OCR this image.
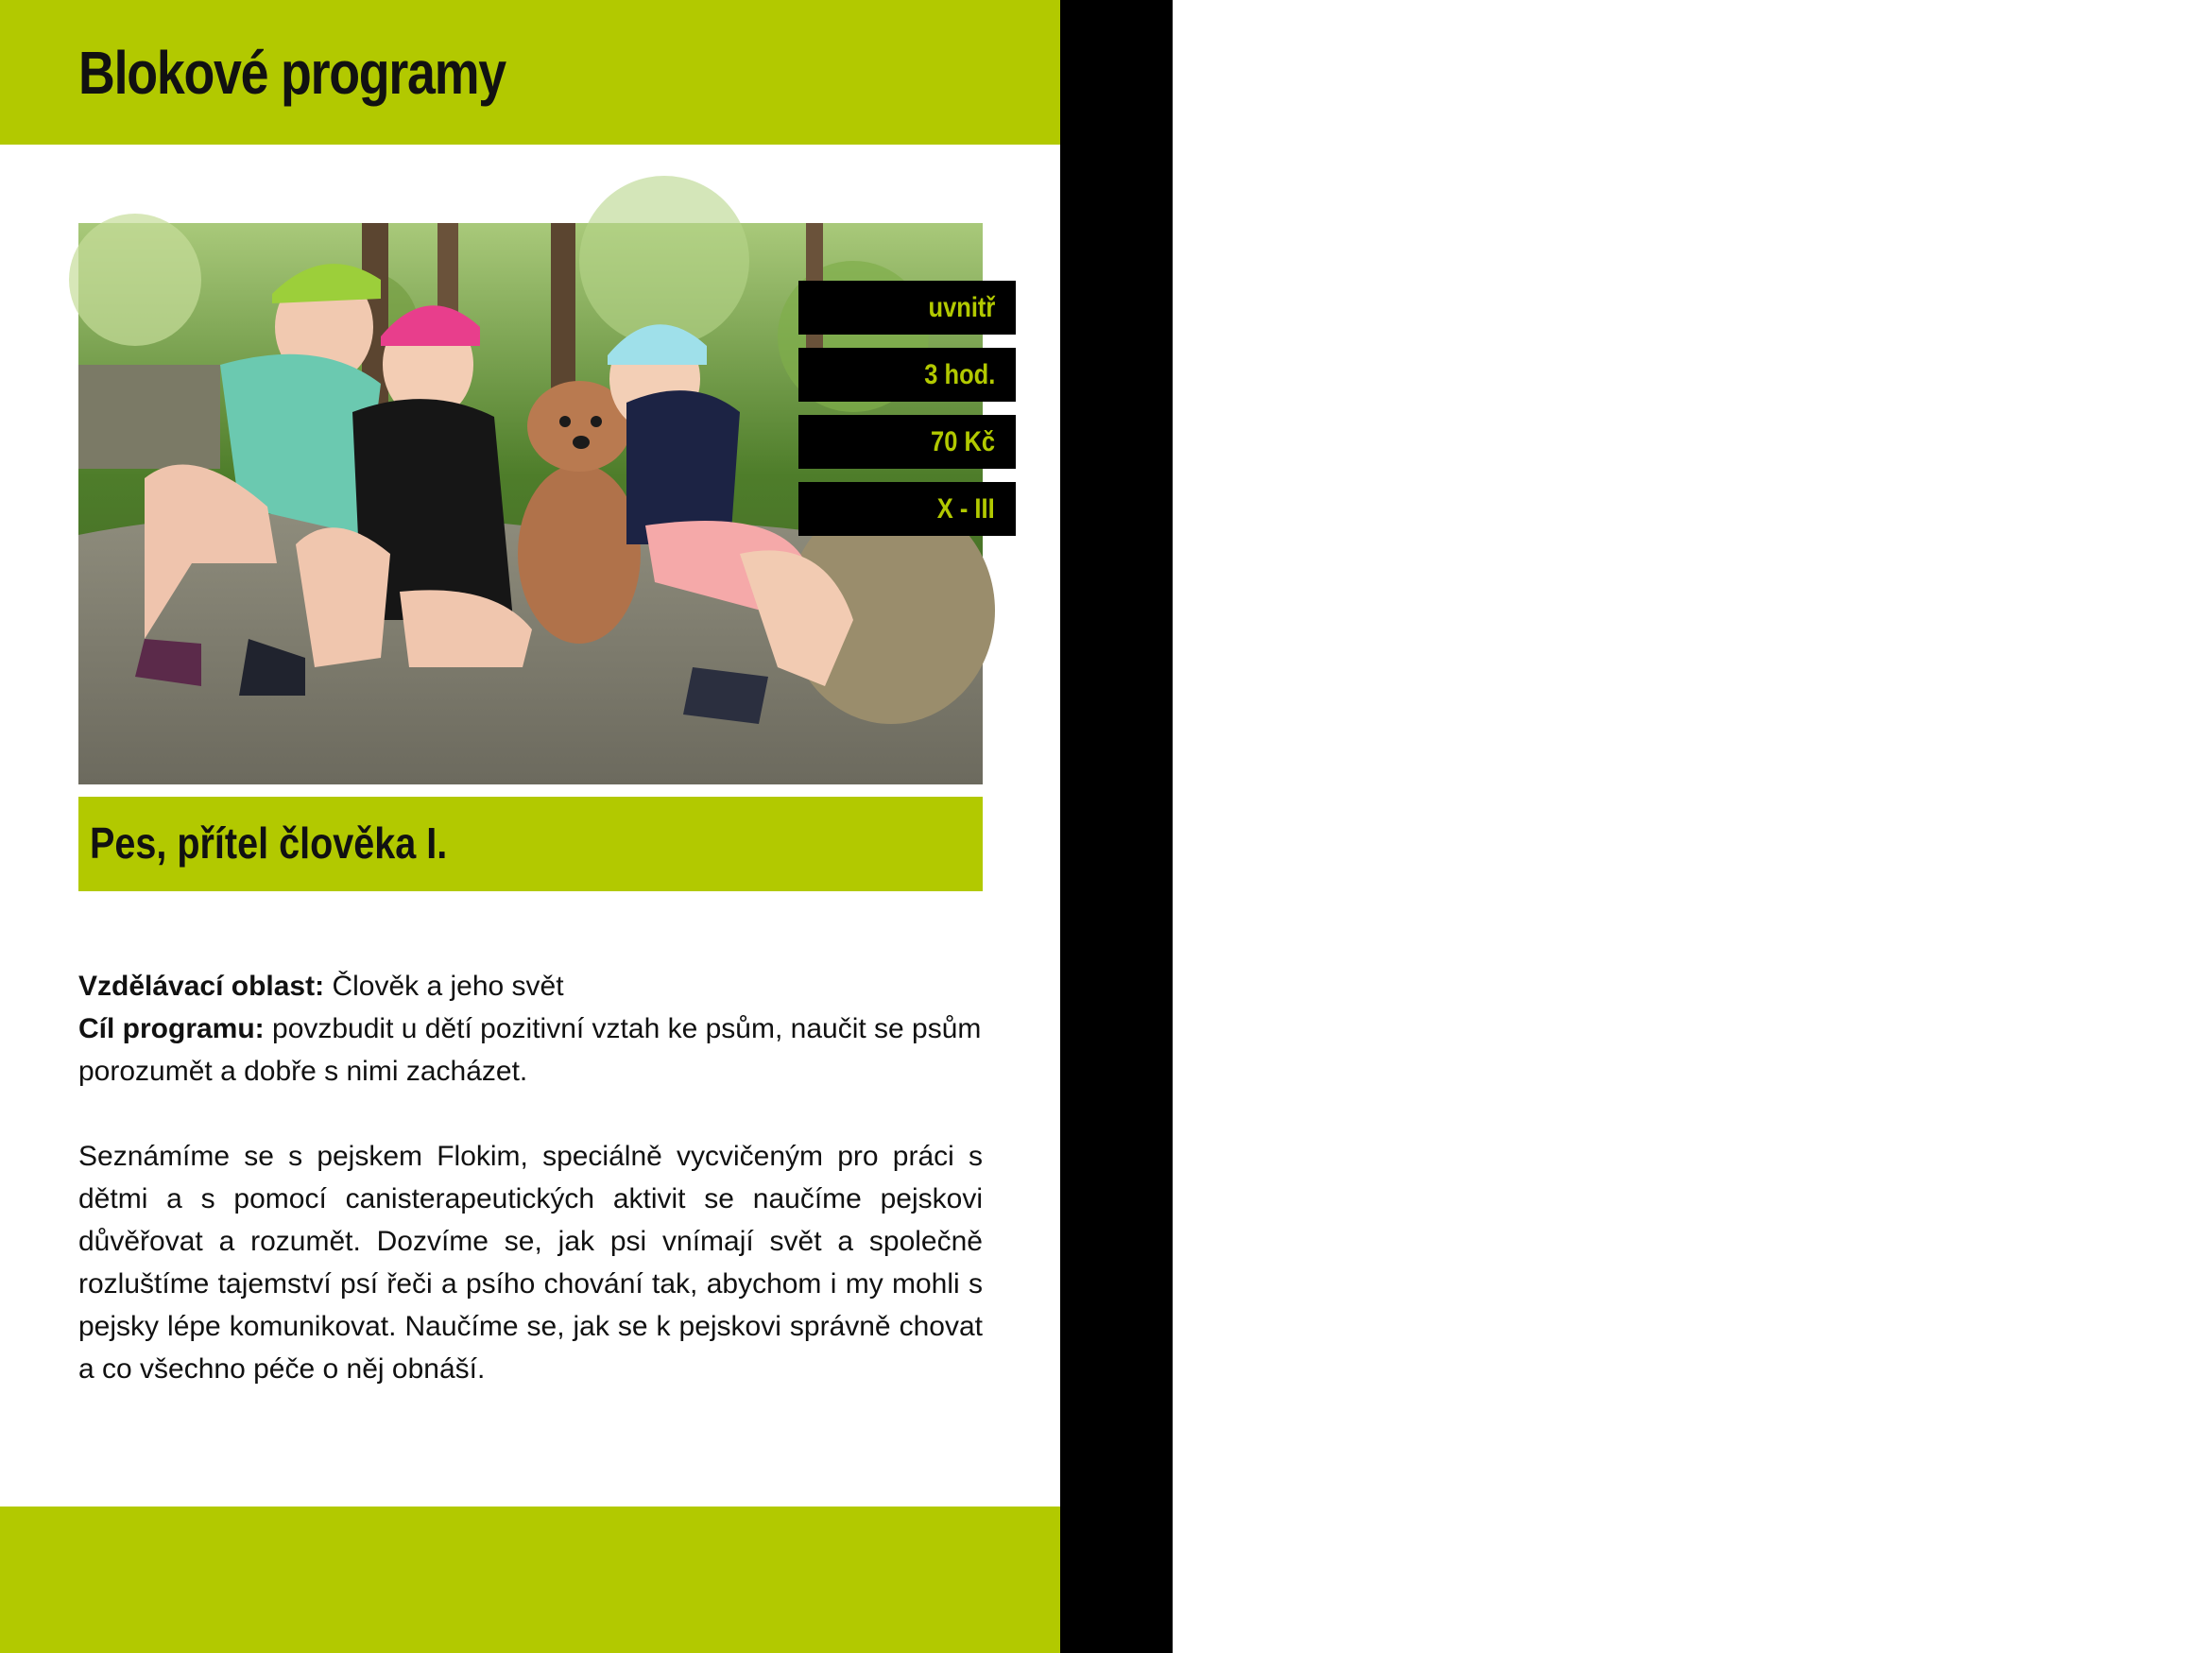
Blokové programy
Základní škola I. stupeň
uvnitř
3 hod.
70 Kč
X - III
Pes, přítel člověka I.

Vzdělávací oblast: Člověk a jeho svět

Cíl programu: povzbudit u dětí pozitivní vztah ke psům, naučit se psům porozumět a dobře s nimi zacházet.

Seznámíme se s pejskem Flokim, speciálně vycvičeným pro práci s dětmi a s pomocí canisterapeutických aktivit se naučíme pejskovi důvěřovat a rozumět. Dozvíme se, jak psi vnímají svět a společně rozluštíme tajemství psí řeči a psího chování tak, abychom i my mohli s pejsky lépe komunikovat. Naučíme se, jak se k pejskovi správně chovat a co všechno péče o něj obnáší.
